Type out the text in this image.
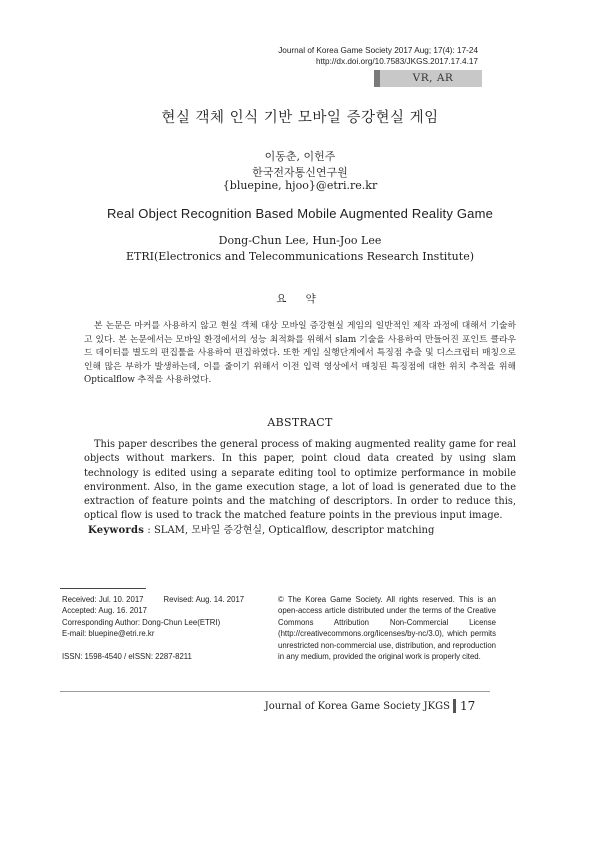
Journal of Korea Game Society 2017 Aug; 17(4): 17-24
http://dx.doi.org/10.7583/JKGS.2017.17.4.17
VR, AR
현실 객체 인식 기반 모바일 증강현실 게임
이동춘, 이헌주
한국전자통신연구원
{bluepine, hjoo}@etri.re.kr
Real Object Recognition Based Mobile Augmented Reality Game
Dong-Chun Lee, Hun-Joo Lee
ETRI(Electronics and Telecommunications Research Institute)
요 약
본 논문은 마커를 사용하지 않고 현실 객체 대상 모바일 증강현실 게임의 일반적인 제작 과정에 대해서 기술하고 있다. 본 논문에서는 모바일 환경에서의 성능 최적화를 위해서 slam 기술을 사용하여 만들어진 포인트 클라우드 데이터를 별도의 편집툴을 사용하여 편집하였다. 또한 게임 실행단계에서 특징점 추출 및 디스크립터 매칭으로 인해 많은 부하가 발생하는데, 이를 줄이기 위해서 이전 입력 영상에서 매칭된 특징점에 대한 위치 추적을 위해 Opticalflow 추적을 사용하였다.
ABSTRACT
This paper describes the general process of making augmented reality game for real objects without markers. In this paper, point cloud data created by using slam technology is edited using a separate editing tool to optimize performance in mobile environment. Also, in the game execution stage, a lot of load is generated due to the extraction of feature points and the matching of descriptors. In order to reduce this, optical flow is used to track the matched feature points in the previous input image.
Keywords : SLAM, 모바일 증강현실, Opticalflow, descriptor matching
Received: Jul. 10. 2017	Revised: Aug. 14. 2017
Accepted: Aug. 16. 2017
Corresponding Author: Dong-Chun Lee(ETRI)
E-mail: bluepine@etri.re.kr
ISSN: 1598-4540 / eISSN: 2287-8211
© The Korea Game Society. All rights reserved. This is an open-access article distributed under the terms of the Creative Commons Attribution Non-Commercial License (http://creativecommons.org/licenses/by-nc/3.0), which permits unrestricted non-commercial use, distribution, and reproduction in any medium, provided the original work is properly cited.
Journal of Korea Game Society JKGS 17
